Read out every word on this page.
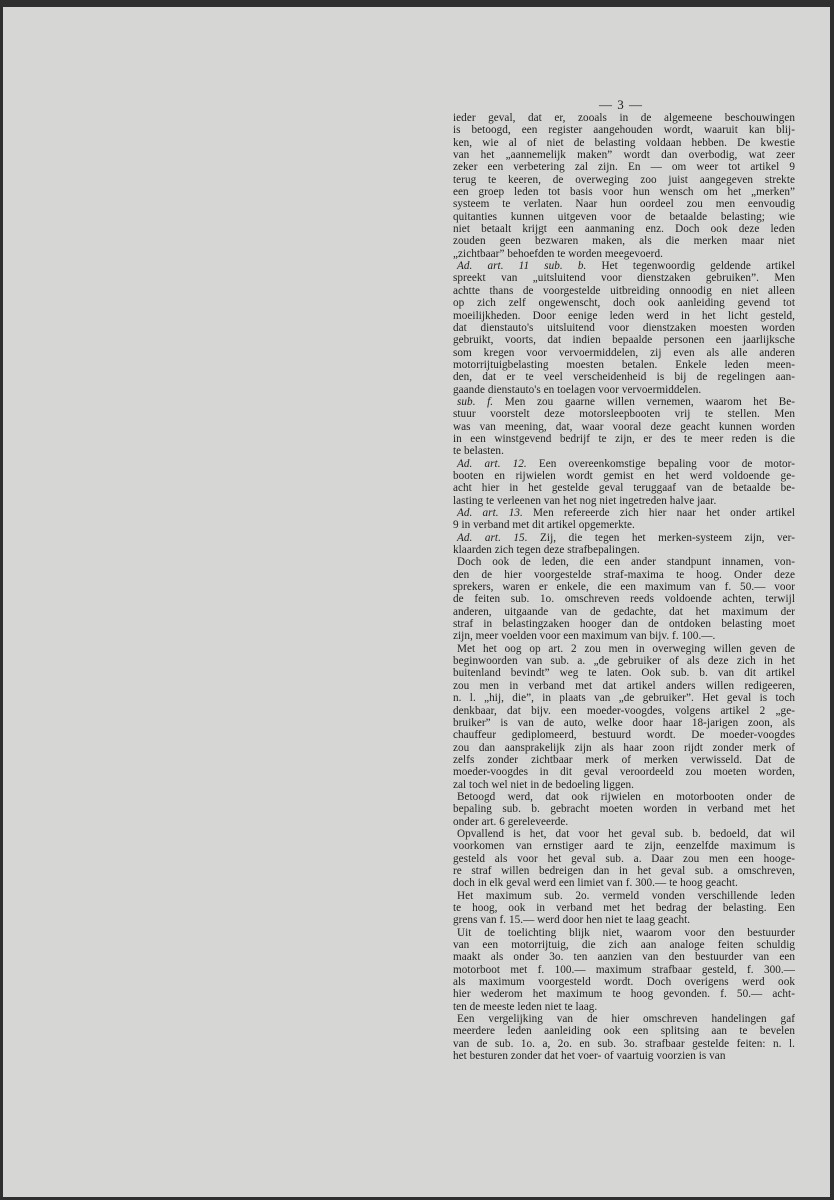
— 3 —
ieder geval, dat er, zooals in de algemeene beschouwingen
is betoogd, een register aangehouden wordt, waaruit kan blij-
ken, wie al of niet de belasting voldaan hebben. De kwestie
van het „aannemelijk maken” wordt dan overbodig, wat zeer
zeker een verbetering zal zijn. En — om weer tot artikel 9
terug te keeren, de overweging zoo juist aangegeven strekte
een groep leden tot basis voor hun wensch om het „merken”
systeem te verlaten. Naar hun oordeel zou men eenvoudig
quitanties kunnen uitgeven voor de betaalde belasting; wie
niet betaalt krijgt een aanmaning enz. Doch ook deze leden
zouden geen bezwaren maken, als die merken maar niet
„zichtbaar” behoefden te worden meegevoerd.
Ad. art. 11 sub. b. Het tegenwoordig geldende artikel
spreekt van „uitsluitend voor dienstzaken gebruiken”. Men
achtte thans de voorgestelde uitbreiding onnoodig en niet alleen
op zich zelf ongewenscht, doch ook aanleiding gevend tot
moeilijkheden. Door eenige leden werd in het licht gesteld,
dat dienstauto's uitsluitend voor dienstzaken moesten worden
gebruikt, voorts, dat indien bepaalde personen een jaarlijksche
som kregen voor vervoermiddelen, zij even als alle anderen
motorrijtuigbelasting moesten betalen. Enkele leden meen-
den, dat er te veel verscheidenheid is bij de regelingen aan-
gaande dienstauto's en toelagen voor vervoermiddelen.
sub. f. Men zou gaarne willen vernemen, waarom het Be-
stuur voorstelt deze motorsleepbooten vrij te stellen. Men
was van meening, dat, waar vooral deze geacht kunnen worden
in een winstgevend bedrijf te zijn, er des te meer reden is die
te belasten.
Ad. art. 12. Een overeenkomstige bepaling voor de motor-
booten en rijwielen wordt gemist en het werd voldoende ge-
acht hier in het gestelde geval teruggaaf van de betaalde be-
lasting te verleenen van het nog niet ingetreden halve jaar.
Ad. art. 13. Men refereerde zich hier naar het onder artikel
9 in verband met dit artikel opgemerkte.
Ad. art. 15. Zij, die tegen het merken-systeem zijn, ver-
klaarden zich tegen deze strafbepalingen.
Doch ook de leden, die een ander standpunt innamen, von-
den de hier voorgestelde straf-maxima te hoog. Onder deze
sprekers, waren er enkele, die een maximum van f. 50.— voor
de feiten sub. 1o. omschreven reeds voldoende achten, terwijl
anderen, uitgaande van de gedachte, dat het maximum der
straf in belastingzaken hooger dan de ontdoken belasting moet
zijn, meer voelden voor een maximum van bijv. f. 100.—.
Met het oog op art. 2 zou men in overweging willen geven de
beginwoorden van sub. a. „de gebruiker of als deze zich in het
buitenland bevindt” weg te laten. Ook sub. b. van dit artikel
zou men in verband met dat artikel anders willen redigeeren,
n. l. „hij, die”, in plaats van „de gebruiker”. Het geval is toch
denkbaar, dat bijv. een moeder-voogdes, volgens artikel 2 „ge-
bruiker” is van de auto, welke door haar 18-jarigen zoon, als
chauffeur gediplomeerd, bestuurd wordt. De moeder-voogdes
zou dan aansprakelijk zijn als haar zoon rijdt zonder merk of
zelfs zonder zichtbaar merk of merken verwisseld. Dat de
moeder-voogdes in dit geval veroordeeld zou moeten worden,
zal toch wel niet in de bedoeling liggen.
Betoogd werd, dat ook rijwielen en motorbooten onder de
bepaling sub. b. gebracht moeten worden in verband met het
onder art. 6 gereleveerde.
Opvallend is het, dat voor het geval sub. b. bedoeld, dat wil
voorkomen van ernstiger aard te zijn, eenzelfde maximum is
gesteld als voor het geval sub. a. Daar zou men een hooge-
re straf willen bedreigen dan in het geval sub. a omschreven,
doch in elk geval werd een limiet van f. 300.— te hoog geacht.
Het maximum sub. 2o. vermeld vonden verschillende leden
te hoog, ook in verband met het bedrag der belasting. Een
grens van f. 15.— werd door hen niet te laag geacht.
Uit de toelichting blijk niet, waarom voor den bestuurder
van een motorrijtuig, die zich aan analoge feiten schuldig
maakt als onder 3o. ten aanzien van den bestuurder van een
motorboot met f. 100.— maximum strafbaar gesteld, f. 300.—
als maximum voorgesteld wordt. Doch overigens werd ook
hier wederom het maximum te hoog gevonden. f. 50.— acht-
ten de meeste leden niet te laag.
Een vergelijking van de hier omschreven handelingen gaf
meerdere leden aanleiding ook een splitsing aan te bevelen
van de sub. 1o. a, 2o. en sub. 3o. strafbaar gestelde feiten: n. l.
het besturen zonder dat het voer- of vaartuig voorzien is van
